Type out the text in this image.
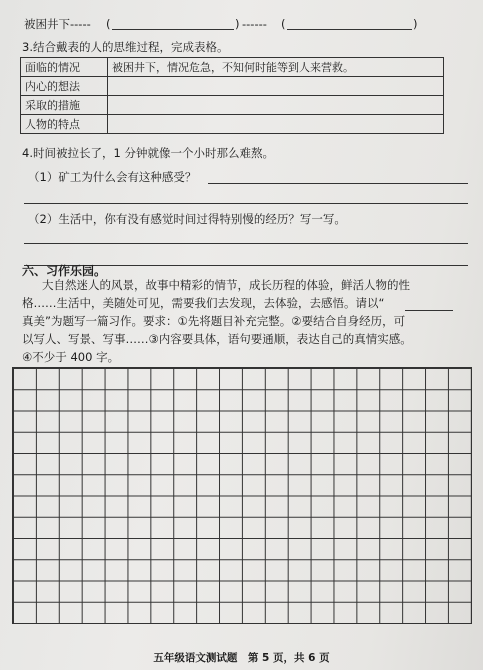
被困井下----- (	) ------ (	)
3.结合戴表的人的思维过程，完成表格。
面临的情况	被困井下，情况危急，不知何时能等到人来营救。
内心的想法	
采取的措施	
人物的特点	
4.时间被拉长了，1 分钟就像一个小时那么难熬。
（1）矿工为什么会有这种感受？
（2）生活中，你有没有感觉时间过得特别慢的经历？写一写。
六、习作乐园。
大自然迷人的风景，故事中精彩的情节，成长历程的体验，鲜活人物的性
格……生活中，美随处可见，需要我们去发现，去体验，去感悟。请以“
真美”为题写一篇习作。要求：①先将题目补充完整。②要结合自身经历，可
以写人、写景、写事……③内容要具体，语句要通顺，表达自己的真情实感。
五年级语文测试题　第 5 页，共 6 页
④不少于 400 字。
